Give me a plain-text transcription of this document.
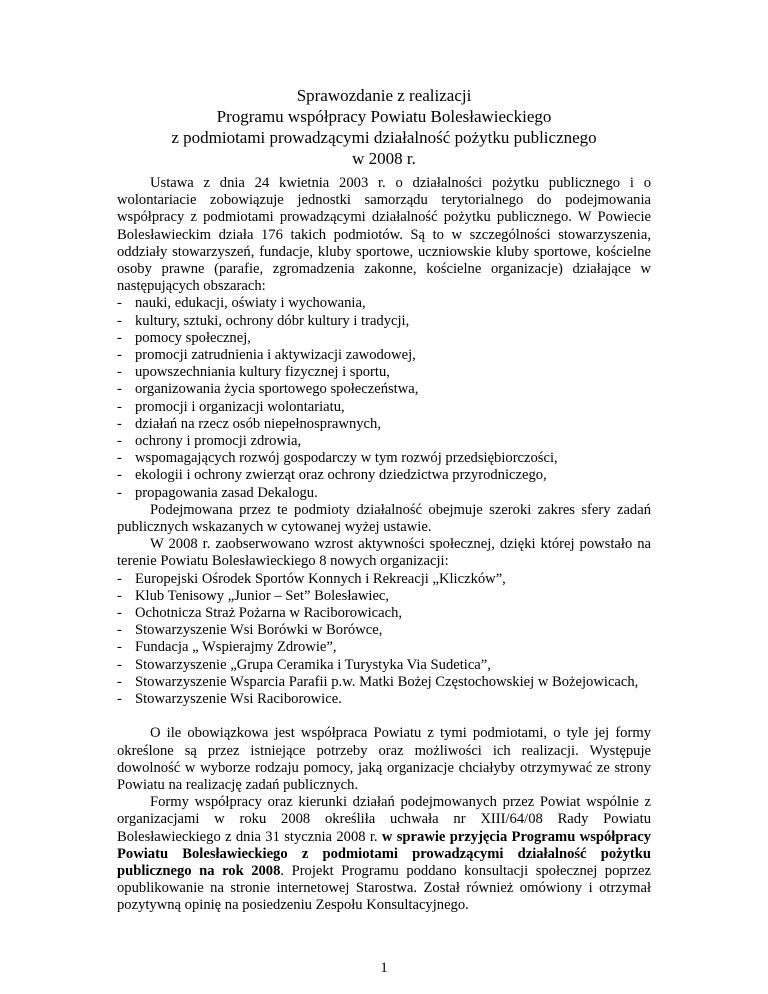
Sprawozdanie z realizacji
Programu współpracy Powiatu Bolesławieckiego
z podmiotami prowadzącymi działalność pożytku publicznego
w 2008 r.

Ustawa z dnia 24 kwietnia 2003 r. o działalności pożytku publicznego i o wolontariacie zobowiązuje jednostki samorządu terytorialnego do podejmowania współpracy z podmiotami prowadzącymi działalność pożytku publicznego. W Powiecie Bolesławieckim działa 176 takich podmiotów. Są to w szczególności stowarzyszenia, oddziały stowarzyszeń, fundacje, kluby sportowe, uczniowskie kluby sportowe, kościelne osoby prawne (parafie, zgromadzenia zakonne, kościelne organizacje) działające w następujących obszarach:

- nauki, edukacji, oświaty i wychowania,
- kultury, sztuki, ochrony dóbr kultury i tradycji,
- pomocy społecznej,
- promocji zatrudnienia i aktywizacji zawodowej,
- upowszechniania kultury fizycznej i sportu,
- organizowania życia sportowego społeczeństwa,
- promocji i organizacji wolontariatu,
- działań na rzecz osób niepełnosprawnych,
- ochrony i promocji zdrowia,
- wspomagających rozwój gospodarczy w tym rozwój przedsiębiorczości,
- ekologii i ochrony zwierząt oraz ochrony dziedzictwa przyrodniczego,
- propagowania zasad Dekalogu.

Podejmowana przez te podmioty działalność obejmuje szeroki zakres sfery zadań publicznych wskazanych w cytowanej wyżej ustawie.

W 2008 r. zaobserwowano wzrost aktywności społecznej, dzięki której powstało na terenie Powiatu Bolesławieckiego 8 nowych organizacji:

- Europejski Ośrodek Sportów Konnych i Rekreacji „Kliczków”,
- Klub Tenisowy „Junior – Set” Bolesławiec,
- Ochotnicza Straż Pożarna w Raciborowicach,
- Stowarzyszenie Wsi Borówki w Borówce,
- Fundacja „ Wspierajmy Zdrowie”,
- Stowarzyszenie „Grupa Ceramika i Turystyka Via Sudetica”,
- Stowarzyszenie Wsparcia Parafii p.w. Matki Bożej Częstochowskiej w Bożejowicach,
- Stowarzyszenie Wsi Raciborowice.

O ile obowiązkowa jest współpraca Powiatu z tymi podmiotami, o tyle jej formy określone są przez istniejące potrzeby oraz możliwości ich realizacji. Występuje dowolność w wyborze rodzaju pomocy, jaką organizacje chciałyby otrzymywać ze strony Powiatu na realizację zadań publicznych.

Formy współpracy oraz kierunki działań podejmowanych przez Powiat wspólnie z organizacjami w roku 2008 określiła uchwała nr XIII/64/08 Rady Powiatu Bolesławieckiego z dnia 31 stycznia 2008 r. w sprawie przyjęcia Programu współpracy Powiatu Bolesławieckiego z podmiotami prowadzącymi działalność pożytku publicznego na rok 2008. Projekt Programu poddano konsultacji społecznej poprzez opublikowanie na stronie internetowej Starostwa. Został również omówiony i otrzymał pozytywną opinię na posiedzeniu Zespołu Konsultacyjnego.

1
